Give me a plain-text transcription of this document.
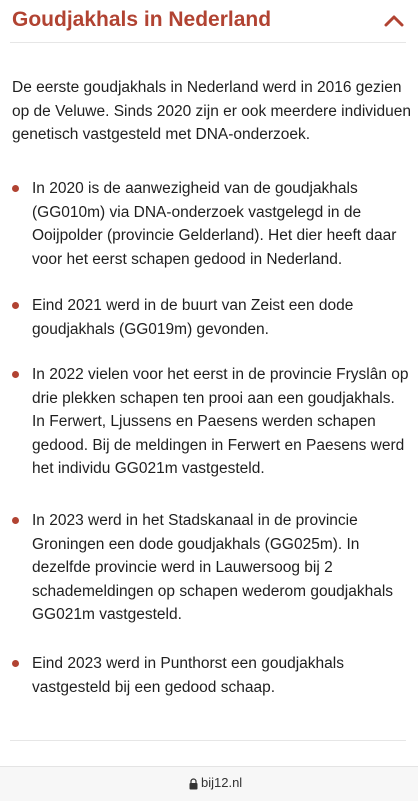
Goudjakhals in Nederland

De eerste goudjakhals in Nederland werd in 2016 gezien op de Veluwe. Sinds 2020 zijn er ook meerdere individuen genetisch vastgesteld met DNA-onderzoek.

In 2020 is de aanwezigheid van de goudjakhals (GG010m) via DNA-onderzoek vastgelegd in de Ooijpolder (provincie Gelderland). Het dier heeft daar voor het eerst schapen gedood in Nederland.

Eind 2021 werd in de buurt van Zeist een dode goudjakhals (GG019m) gevonden.

In 2022 vielen voor het eerst in de provincie Fryslân op drie plekken schapen ten prooi aan een goudjakhals. In Ferwert, Ljussens en Paesens werden schapen gedood. Bij de meldingen in Ferwert en Paesens werd het individu GG021m vastgesteld.

In 2023 werd in het Stadskanaal in de provincie Groningen een dode goudjakhals (GG025m). In dezelfde provincie werd in Lauwersoog bij 2 schademeldingen op schapen wederom goudjakhals GG021m vastgesteld.

Eind 2023 werd in Punthorst een goudjakhals vastgesteld bij een gedood schaap.

bij12.nl
